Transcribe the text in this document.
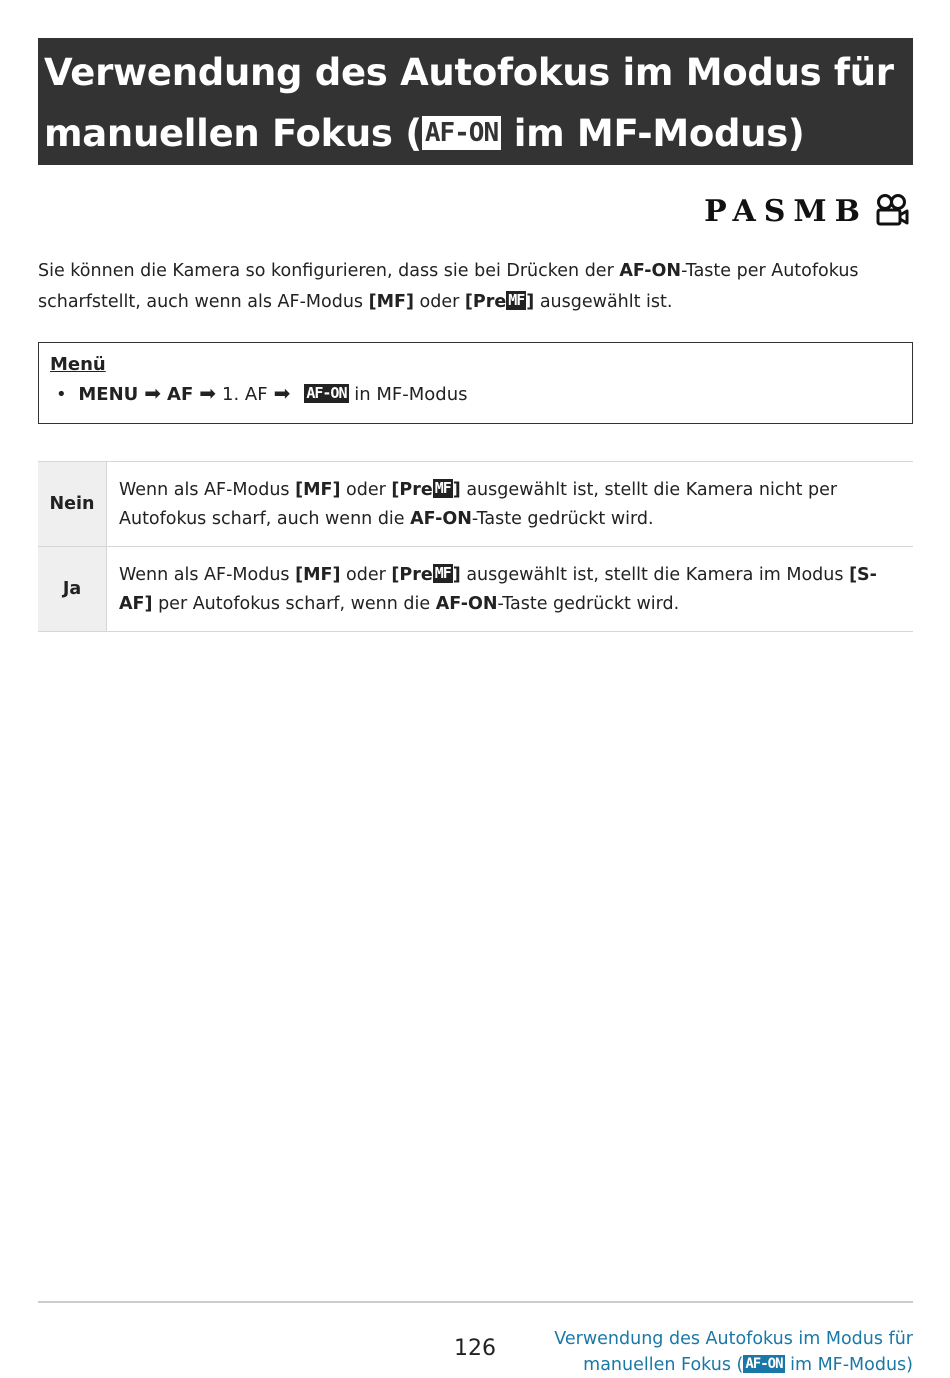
Verwendung des Autofokus im Modus für
manuellen Fokus ( AF-ON im MF-Modus)
PASMB
Sie können die Kamera so konfigurieren, dass sie bei Drücken der AF-ON-Taste per Autofokus scharfstellt, auch wenn als AF-Modus [MF] oder [Pre MF ] ausgewählt ist.
Menü
• MENU ➡ AF ➡ 1. AF ➡ AF-ON in MF-Modus
Nein	Wenn als AF-Modus [MF] oder [Pre MF ] ausgewählt ist, stellt die Kamera nicht per Autofokus scharf, auch wenn die AF-ON-Taste gedrückt wird.
Ja	Wenn als AF-Modus [MF] oder [Pre MF ] ausgewählt ist, stellt die Kamera im Modus [S-AF] per Autofokus scharf, wenn die AF-ON-Taste gedrückt wird.
126	Verwendung des Autofokus im Modus für
manuellen Fokus ( AF-ON im MF-Modus)
